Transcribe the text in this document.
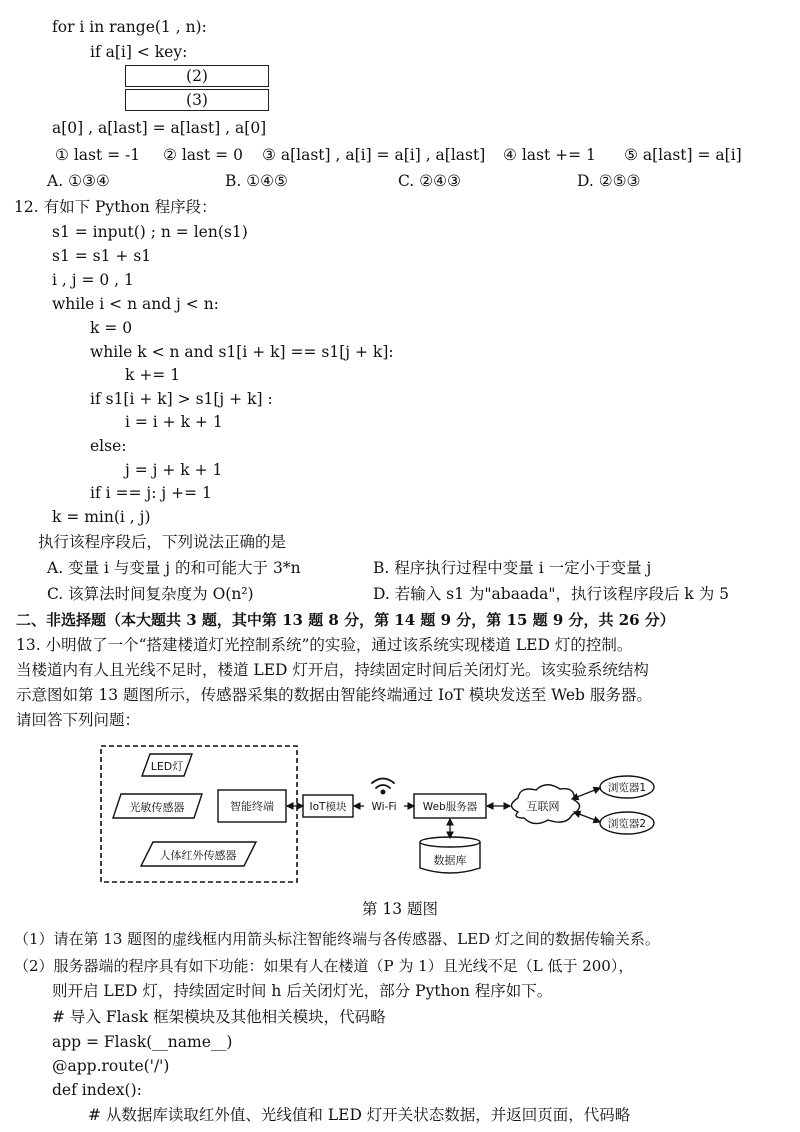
for i in range(1 , n):
if a[i] < key:
(2)
(3)
a[0] , a[last] = a[last] , a[0]
① last = -1 ② last = 0 ③ a[last] , a[i] = a[i] , a[last] ④ last += 1 ⑤ a[last] = a[i]
A. ①③④	B. ①④⑤	C. ②④③	D. ②⑤③
12. 有如下 Python 程序段：
s1 = input() ; n = len(s1)
s1 = s1 + s1
i , j = 0 , 1
while i < n and j < n:
k = 0
while k < n and s1[i + k] == s1[j + k]:
k += 1
if s1[i + k] > s1[j + k] :
i = i + k + 1
else:
j = j + k + 1
if i == j: j += 1
k = min(i , j)
执行该程序段后，下列说法正确的是
A. 变量 i 与变量 j 的和可能大于 3*n	B. 程序执行过程中变量 i 一定小于变量 j
C. 该算法时间复杂度为 O(n²)	D. 若输入 s1 为"abaada"，执行该程序段后 k 为 5
二、非选择题（本大题共 3 题，其中第 13 题 8 分，第 14 题 9 分，第 15 题 9 分，共 26 分）
13. 小明做了一个“搭建楼道灯光控制系统”的实验，通过该系统实现楼道 LED 灯的控制。
当楼道内有人且光线不足时，楼道 LED 灯开启，持续固定时间后关闭灯光。该实验系统结构
示意图如第 13 题图所示，传感器采集的数据由智能终端通过 IoT 模块发送至 Web 服务器。
请回答下列问题：
LED灯
光敏传感器	智能终端
人体红外传感器
IoT模块 Wi-Fi	Web服务器
数据库
互联网
浏览器1
浏览器2
第 13 题图
（1）请在第 13 题图的虚线框内用箭头标注智能终端与各传感器、LED 灯之间的数据传输关系。
（2）服务器端的程序具有如下功能：如果有人在楼道（P 为 1）且光线不足（L 低于 200），
则开启 LED 灯，持续固定时间 h 后关闭灯光，部分 Python 程序如下。
# 导入 Flask 框架模块及其他相关模块，代码略
app = Flask(__name__)
@app.route('/')
def index():
# 从数据库读取红外值、光线值和 LED 灯开关状态数据，并返回页面，代码略
